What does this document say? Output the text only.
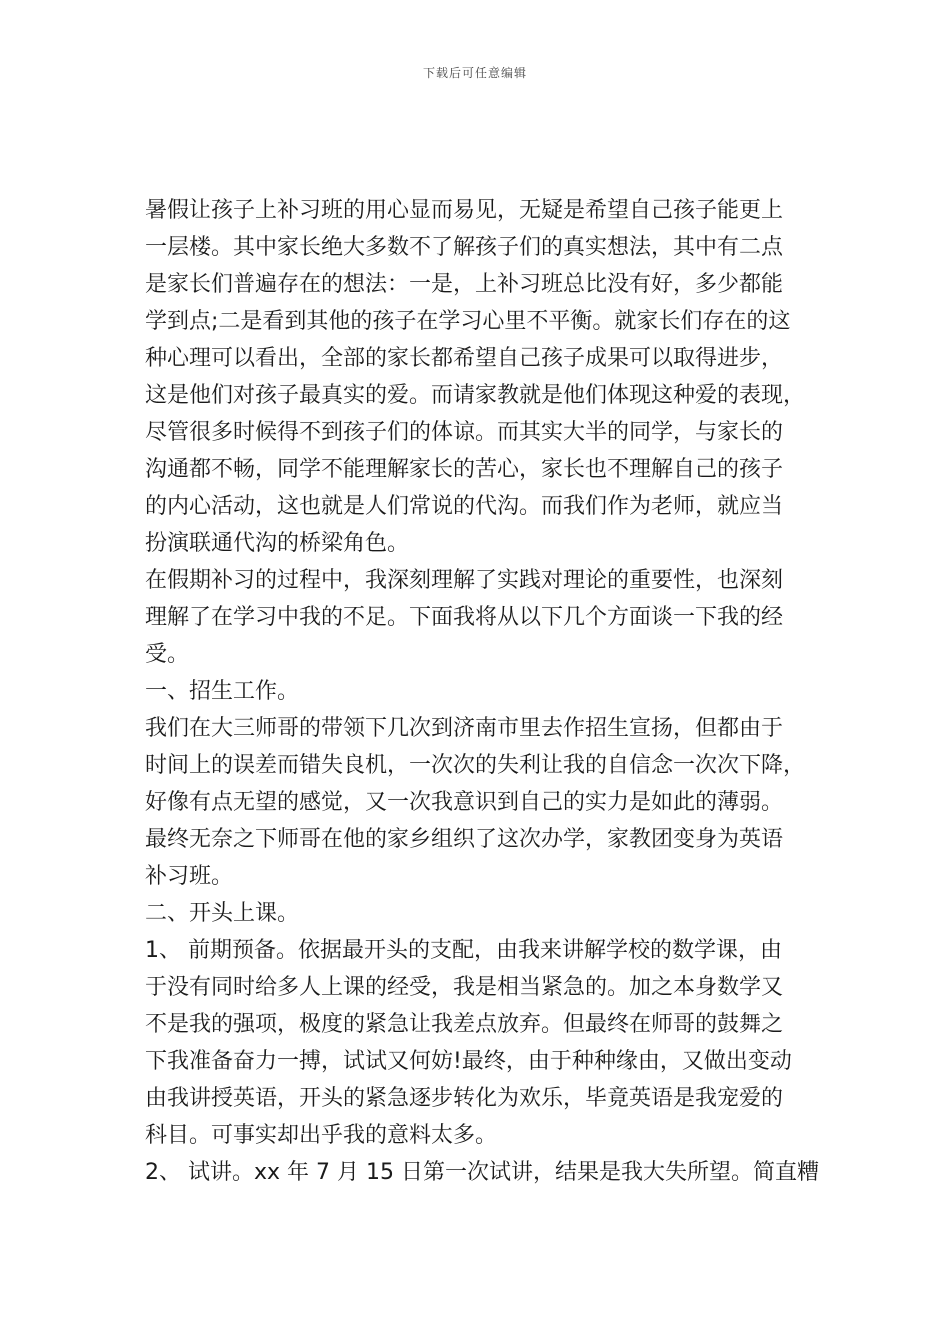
下载后可任意编辑
暑假让孩子上补习班的用心显而易见，无疑是希望自己孩子能更上
一层楼。其中家长绝大多数不了解孩子们的真实想法，其中有二点
是家长们普遍存在的想法：一是，上补习班总比没有好，多少都能
学到点;二是看到其他的孩子在学习心里不平衡。就家长们存在的这
种心理可以看出，全部的家长都希望自己孩子成果可以取得进步，
这是他们对孩子最真实的爱。而请家教就是他们体现这种爱的表现，
尽管很多时候得不到孩子们的体谅。而其实大半的同学，与家长的
沟通都不畅，同学不能理解家长的苦心，家长也不理解自己的孩子
的内心活动，这也就是人们常说的代沟。而我们作为老师，就应当
扮演联通代沟的桥梁角色。
在假期补习的过程中，我深刻理解了实践对理论的重要性，也深刻
理解了在学习中我的不足。下面我将从以下几个方面谈一下我的经
受。
一、招生工作。
我们在大三师哥的带领下几次到济南市里去作招生宣扬，但都由于
时间上的误差而错失良机，一次次的失利让我的自信念一次次下降，
好像有点无望的感觉，又一次我意识到自己的实力是如此的薄弱。
最终无奈之下师哥在他的家乡组织了这次办学，家教团变身为英语
补习班。
二、开头上课。
1、 前期预备。依据最开头的支配，由我来讲解学校的数学课，由
于没有同时给多人上课的经受，我是相当紧急的。加之本身数学又
不是我的强项，极度的紧急让我差点放弃。但最终在师哥的鼓舞之
下我准备奋力一搏，试试又何妨!最终，由于种种缘由，又做出变动
由我讲授英语，开头的紧急逐步转化为欢乐，毕竟英语是我宠爱的
科目。可事实却出乎我的意料太多。
2、 试讲。xx 年 7 月 15 日第一次试讲，结果是我大失所望。简直糟
